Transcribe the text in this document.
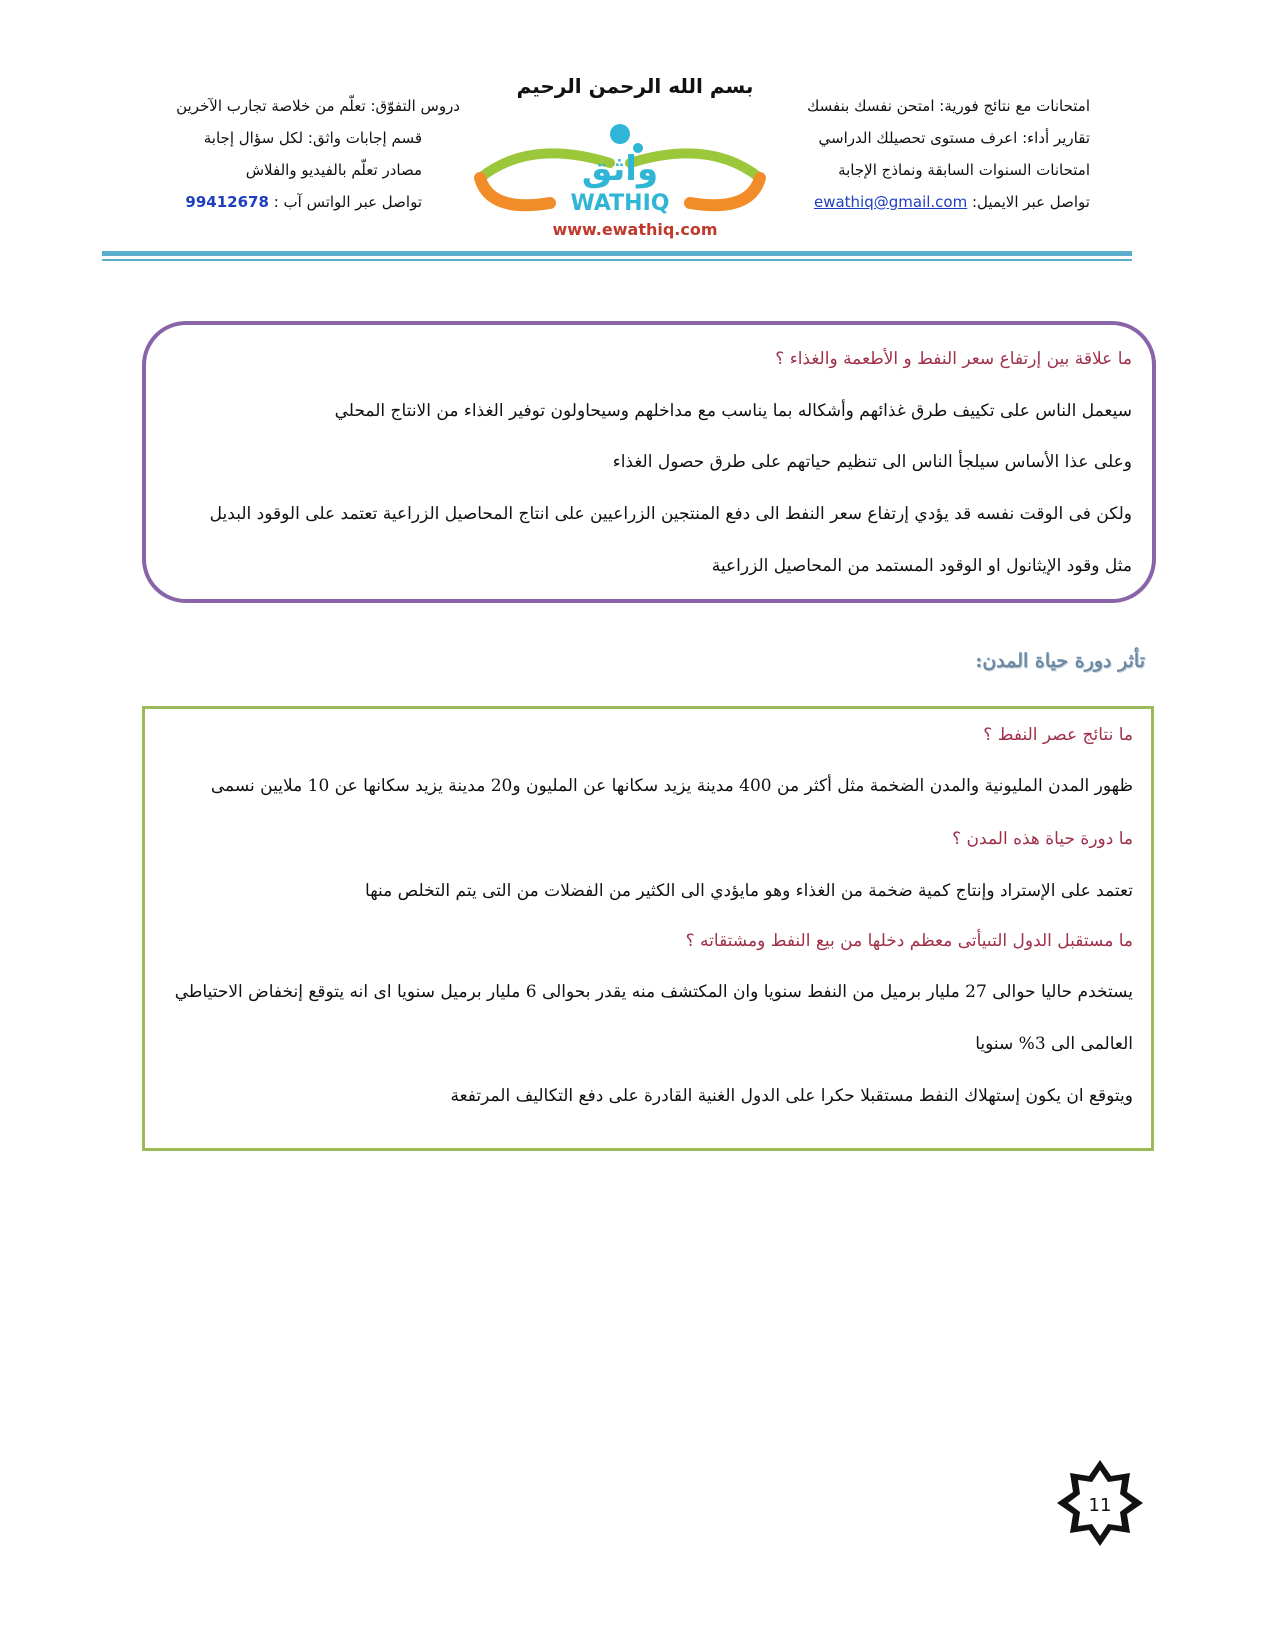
امتحانات مع نتائج فورية: امتحن نفسك بنفسك
تقارير أداء: اعرف مستوى تحصيلك الدراسي
امتحانات السنوات السابقة ونماذج الإجابة
تواصل عبر الايميل: ewathiq@gmail.com
بسم الله الرحمن الرحيم
واثق
WATHIQ
www.ewathiq.com
دروس التفوّق: تعلّم من خلاصة تجارب الآخرين
قسم إجابات واثق: لكل سؤال إجابة
مصادر تعلّم بالفيديو والفلاش
تواصل عبر الواتس آب : 99412678
ما علاقة بين إرتفاع سعر النفط و الأطعمة والغذاء ؟
سيعمل الناس على تكييف طرق غذائهم وأشكاله بما يناسب مع مداخلهم وسيحاولون توفير الغذاء من الانتاج المحلي
وعلى عذا الأساس سيلجأ الناس الى تنظيم حياتهم على طرق حصول الغذاء
ولكن فى الوقت نفسه قد يؤدي إرتفاع سعر النفط الى دفع المنتجين الزراعيين على انتاج المحاصيل الزراعية تعتمد على الوقود البديل
مثل وقود الإيثانول او الوقود المستمد من المحاصيل الزراعية
تأثر دورة حياة المدن:
ما نتائج عصر النفط ؟
ظهور المدن المليونية والمدن الضخمة مثل أكثر من 400 مدينة يزيد سكانها عن المليون و20 مدينة يزيد سكانها عن 10 ملايين نسمى
ما دورة حياة هذه المدن ؟
تعتمد على الإستراد وإنتاج كمية ضخمة من الغذاء وهو مايؤدي الى الكثير من الفضلات من التى يتم التخلص منها
ما مستقبل الدول التىيأتى معظم دخلها من بيع النفط ومشتقاته ؟
يستخدم حاليا حوالى 27 مليار برميل من النفط سنويا وان المكتشف منه يقدر بحوالى 6 مليار برميل سنويا اى انه يتوقع إنخفاض الاحتياطي
العالمى الى 3% سنويا
ويتوقع ان يكون إستهلاك النفط مستقبلا حكرا على الدول الغنية القادرة على دفع التكاليف المرتفعة
11
